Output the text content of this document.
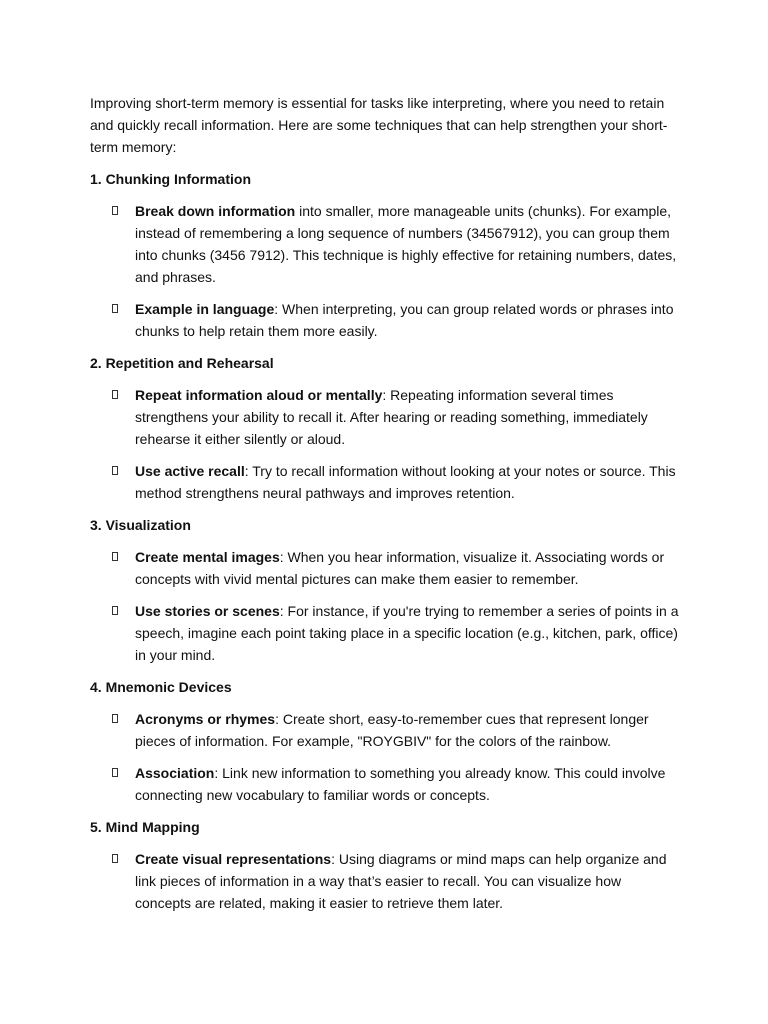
Improving short-term memory is essential for tasks like interpreting, where you need to retain and quickly recall information. Here are some techniques that can help strengthen your short-term memory:

1. Chunking Information
Break down information into smaller, more manageable units (chunks). For example, instead of remembering a long sequence of numbers (34567912), you can group them into chunks (3456 7912). This technique is highly effective for retaining numbers, dates, and phrases.
Example in language: When interpreting, you can group related words or phrases into chunks to help retain them more easily.
2. Repetition and Rehearsal
Repeat information aloud or mentally: Repeating information several times strengthens your ability to recall it. After hearing or reading something, immediately rehearse it either silently or aloud.
Use active recall: Try to recall information without looking at your notes or source. This method strengthens neural pathways and improves retention.
3. Visualization
Create mental images: When you hear information, visualize it. Associating words or concepts with vivid mental pictures can make them easier to remember.
Use stories or scenes: For instance, if you're trying to remember a series of points in a speech, imagine each point taking place in a specific location (e.g., kitchen, park, office) in your mind.
4. Mnemonic Devices
Acronyms or rhymes: Create short, easy-to-remember cues that represent longer pieces of information. For example, "ROYGBIV" for the colors of the rainbow.
Association: Link new information to something you already know. This could involve connecting new vocabulary to familiar words or concepts.
5. Mind Mapping
Create visual representations: Using diagrams or mind maps can help organize and link pieces of information in a way that’s easier to recall. You can visualize how concepts are related, making it easier to retrieve them later.
